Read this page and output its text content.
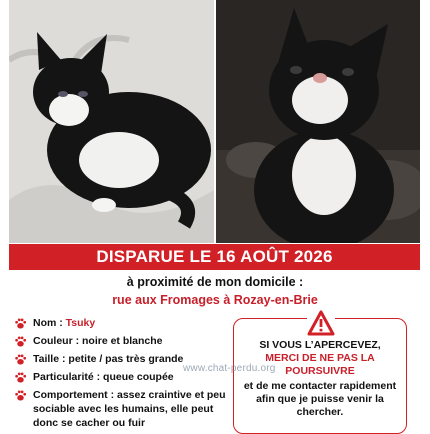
DISPARUE LE 16 AOÛT 2026
à proximité de mon domicile :
rue aux Fromages à Rozay-en-Brie
Nom : Tsuky
Couleur : noire et blanche
Taille : petite / pas très grande
Particularité : queue coupée
Comportement : assez craintive et peu sociable avec les humains, elle peut donc se cacher ou fuir
SI VOUS L’APERCEVEZ,
MERCI DE NE PAS LA POURSUIVRE
et de me contacter rapidement afin que je puisse venir la chercher.
www.chat-perdu.org
